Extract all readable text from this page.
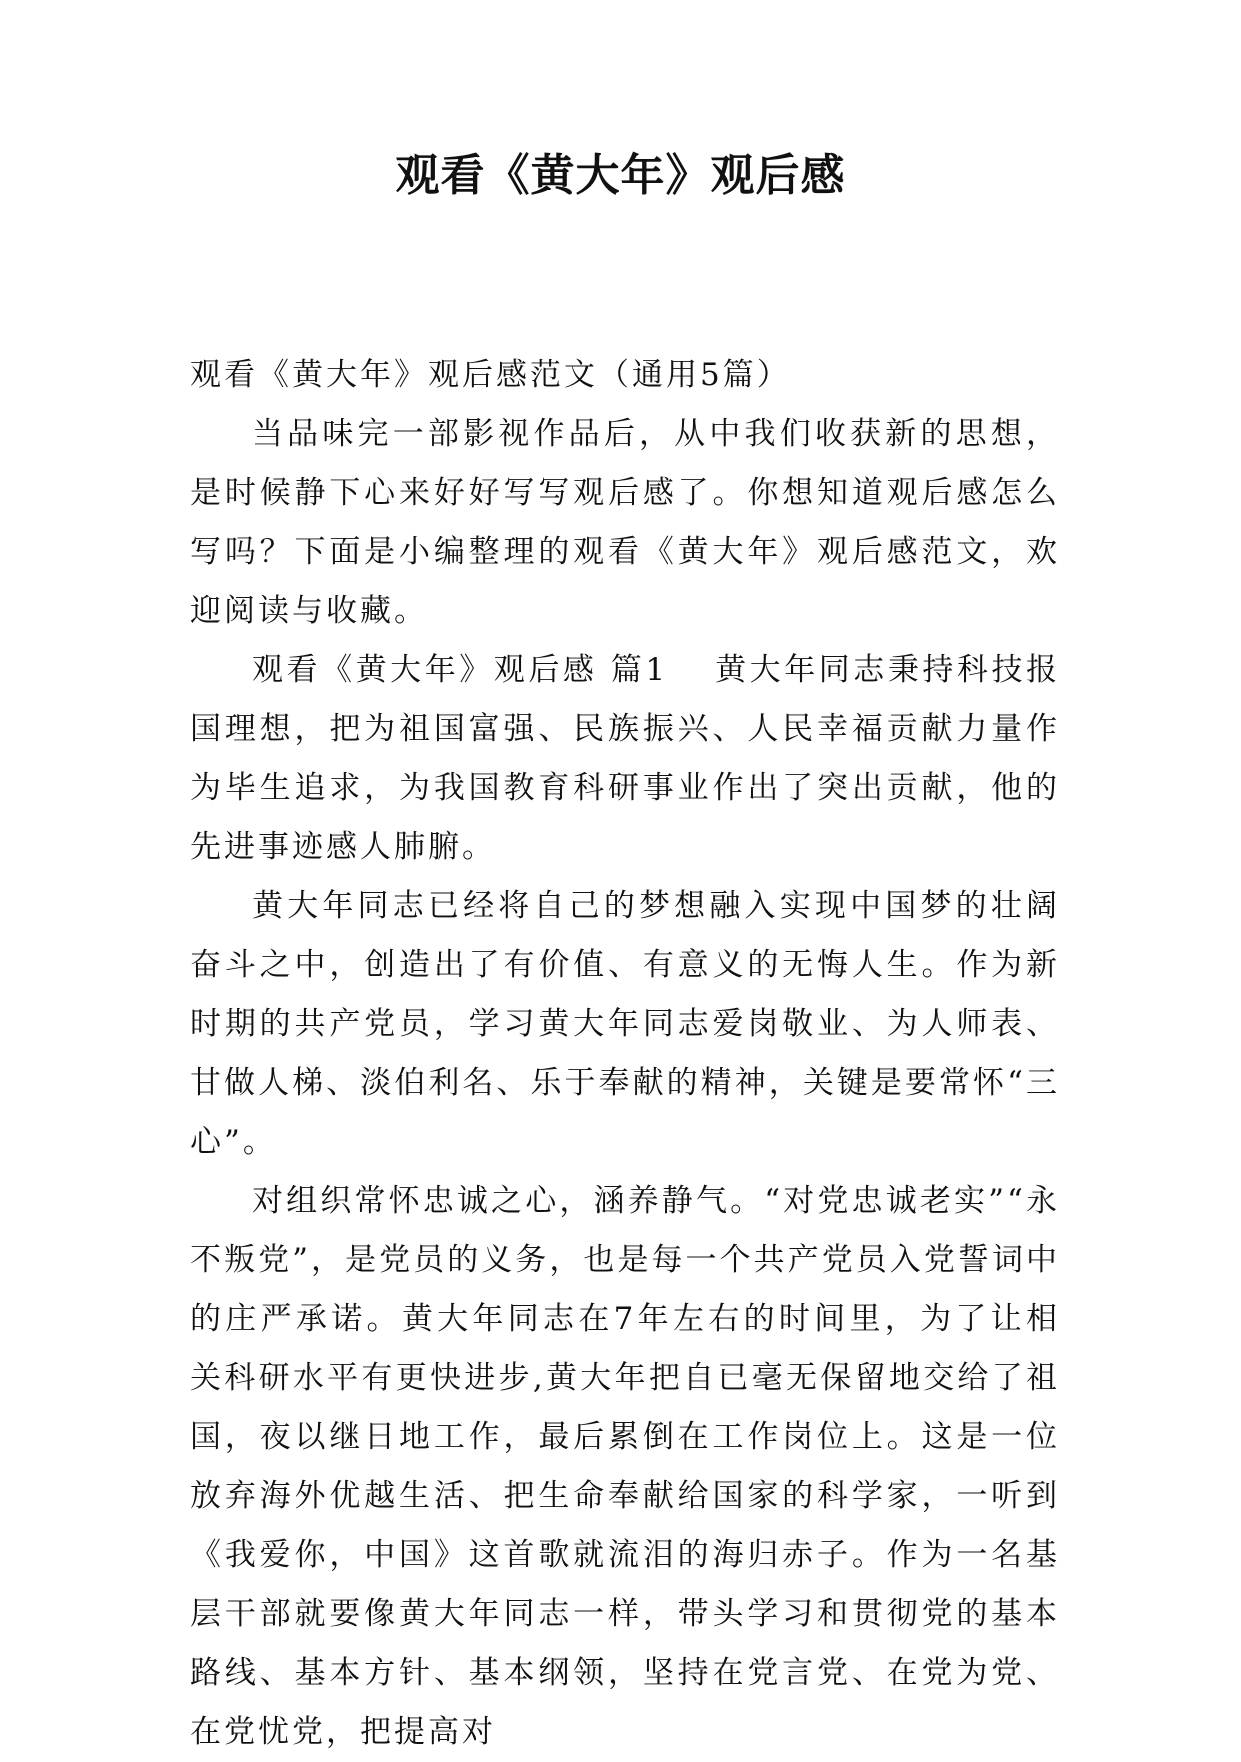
观看《黄大年》观后感

观看《黄大年》观后感范文（通用5篇）

当品味完一部影视作品后，从中我们收获新的思想，是时候静下心来好好写写观后感了。你想知道观后感怎么写吗？下面是小编整理的观看《黄大年》观后感范文，欢迎阅读与收藏。

观看《黄大年》观后感 篇1 黄大年同志秉持科技报国理想，把为祖国富强、民族振兴、人民幸福贡献力量作为毕生追求，为我国教育科研事业作出了突出贡献，他的先进事迹感人肺腑。

黄大年同志已经将自己的梦想融入实现中国梦的壮阔奋斗之中，创造出了有价值、有意义的无悔人生。作为新时期的共产党员，学习黄大年同志爱岗敬业、为人师表、甘做人梯、淡伯利名、乐于奉献的精神，关键是要常怀“三心”。

对组织常怀忠诚之心，涵养静气。“对党忠诚老实”“永不叛党”，是党员的义务，也是每一个共产党员入党誓词中的庄严承诺。黄大年同志在7年左右的时间里，为了让相关科研水平有更快进步,黄大年把自已毫无保留地交给了祖国，夜以继日地工作，最后累倒在工作岗位上。这是一位放弃海外优越生活、把生命奉献给国家的科学家，一听到《我爱你，中国》这首歌就流泪的海归赤子。作为一名基层干部就要像黄大年同志一样，带头学习和贯彻党的基本路线、基本方针、基本纲领，坚持在党言党、在党为党、在党忧党，把提高对
